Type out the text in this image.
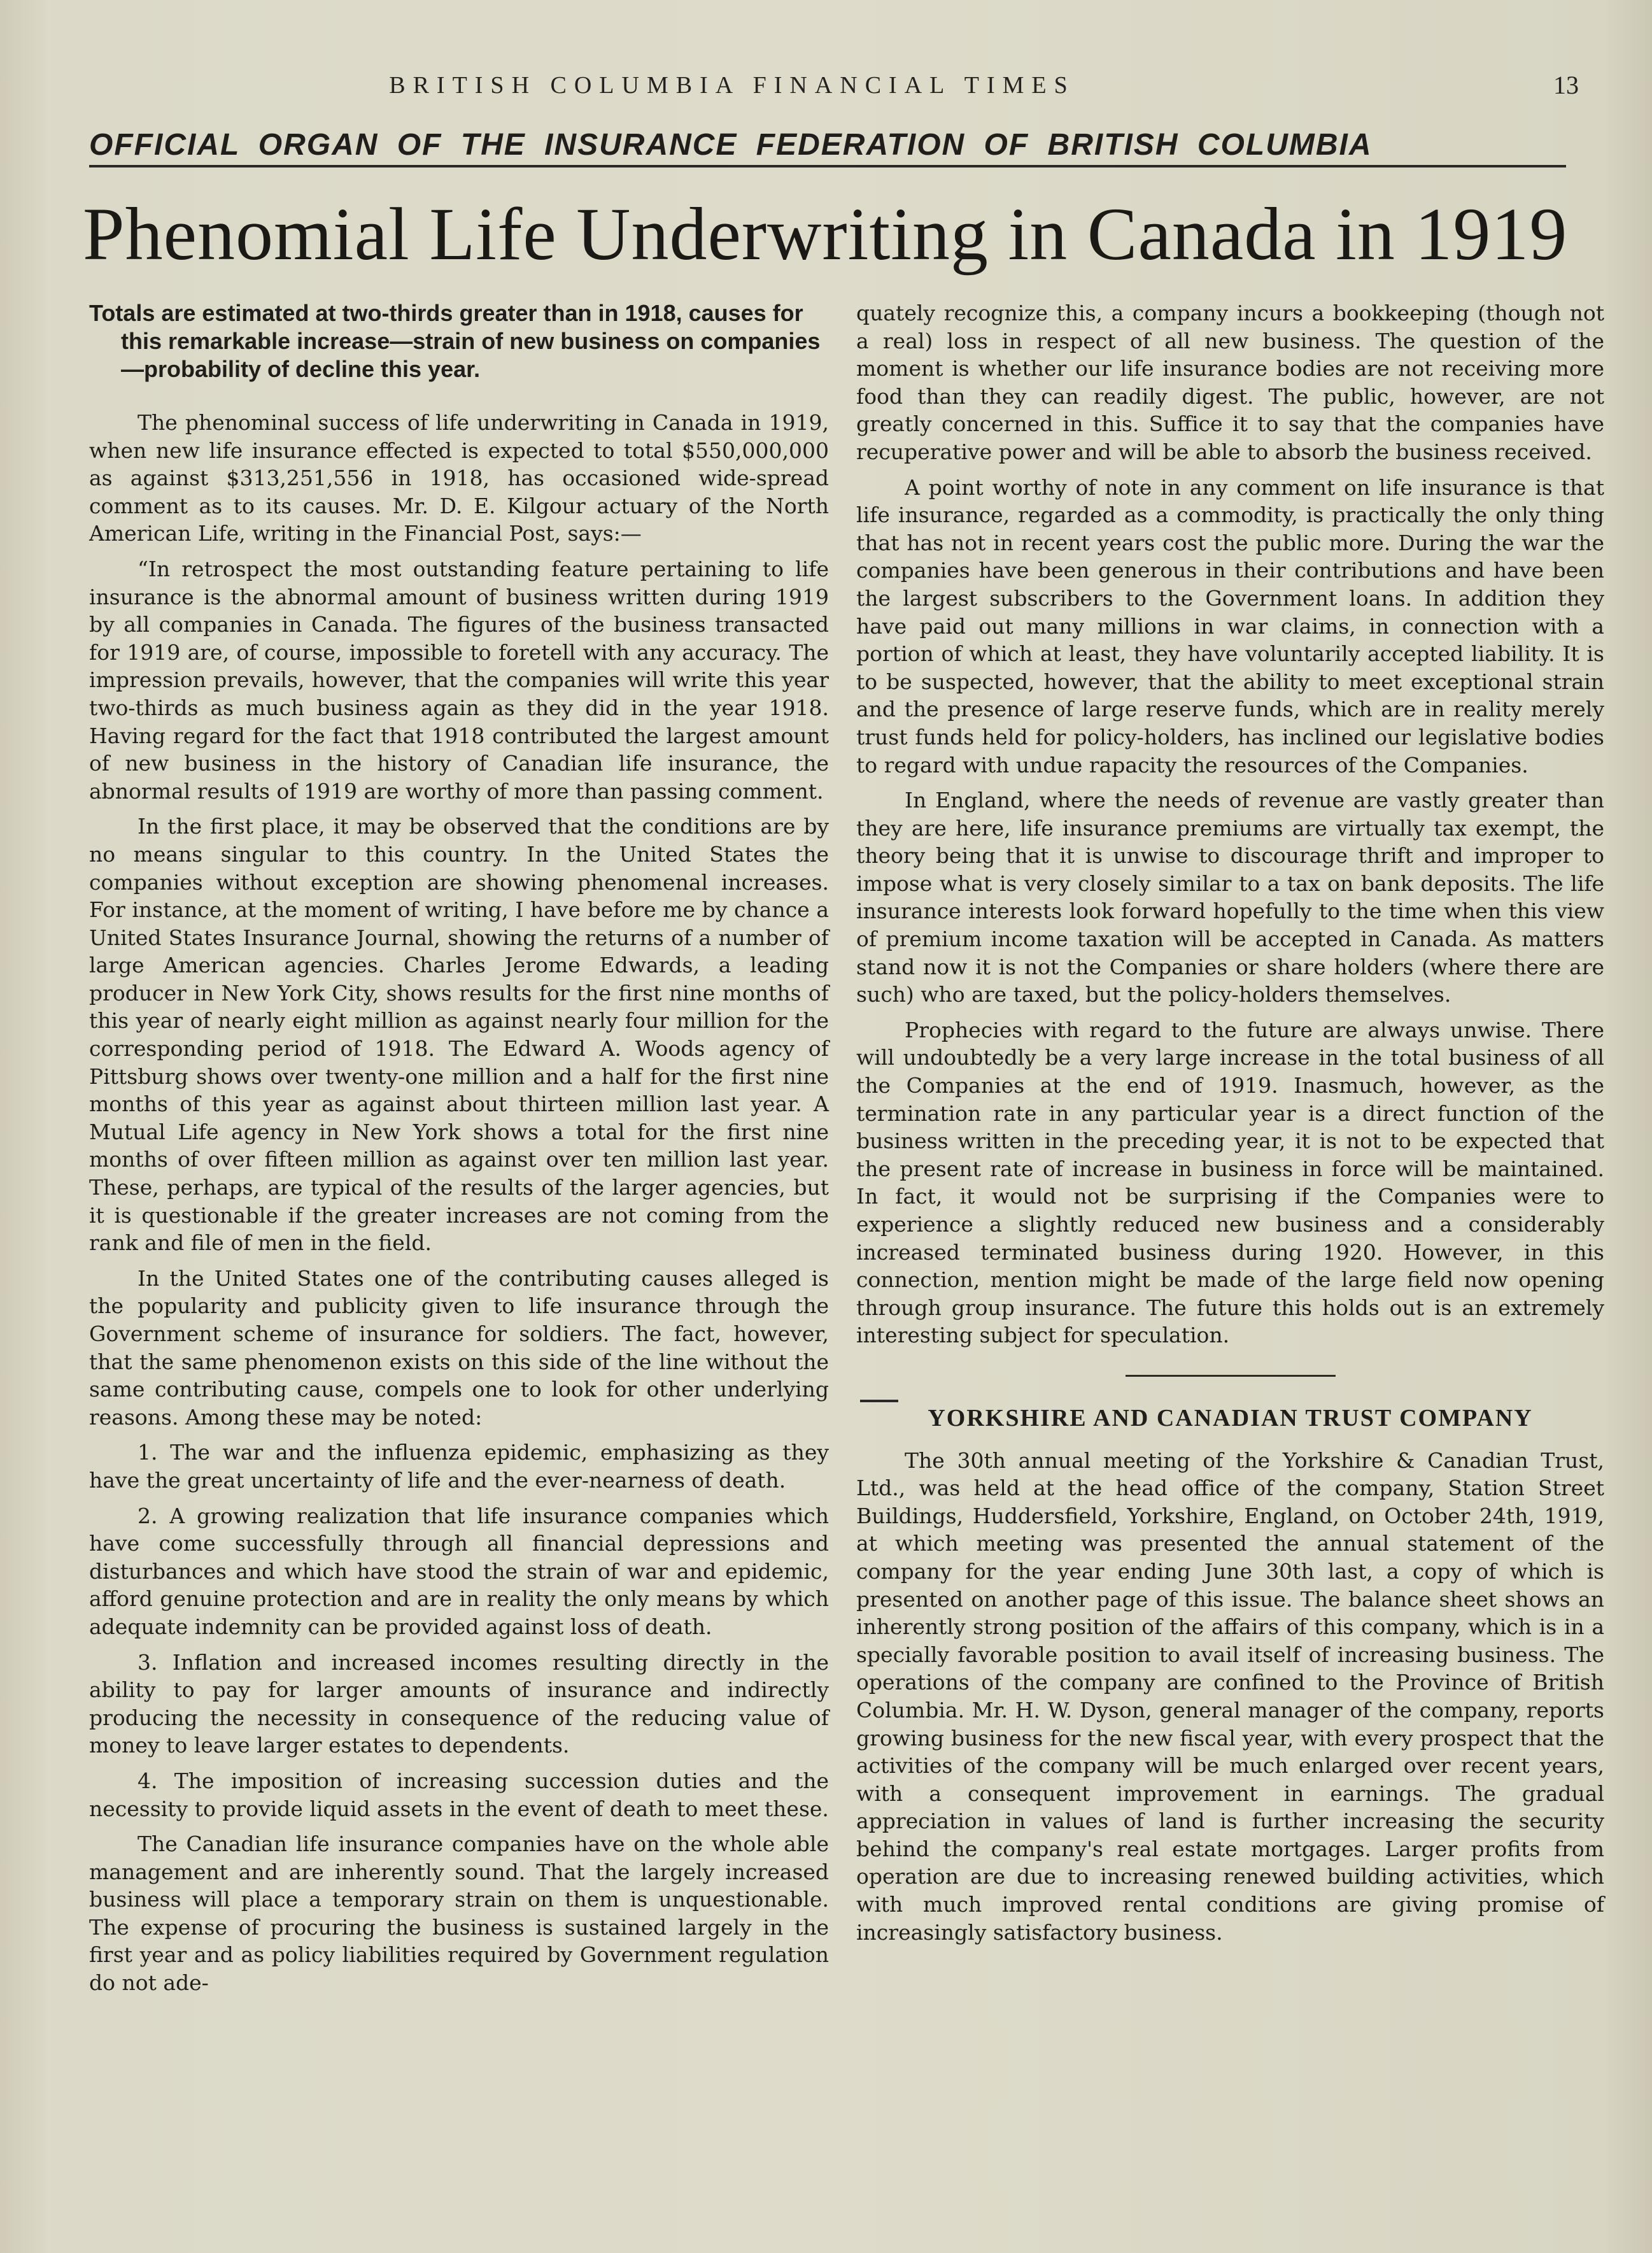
BRITISH COLUMBIA FINANCIAL TIMES	13
OFFICIAL ORGAN OF THE INSURANCE FEDERATION OF BRITISH COLUMBIA
Phenomial Life Underwriting in Canada in 1919
Totals are estimated at two-thirds greater than in 1918, causes for this remarkable increase—strain of new business on companies—probability of decline this year.

The phenominal success of life underwriting in Canada in 1919, when new life insurance effected is expected to total $550,000,000 as against $313,251,556 in 1918, has occasioned wide-spread comment as to its causes. Mr. D. E. Kilgour actuary of the North American Life, writing in the Financial Post, says:—

“In retrospect the most outstanding feature pertaining to life insurance is the abnormal amount of business written during 1919 by all companies in Canada. The figures of the business transacted for 1919 are, of course, impossible to foretell with any accuracy. The impression prevails, however, that the companies will write this year two-thirds as much business again as they did in the year 1918. Having regard for the fact that 1918 contributed the largest amount of new business in the history of Canadian life insurance, the abnormal results of 1919 are worthy of more than passing comment.

In the first place, it may be observed that the conditions are by no means singular to this country. In the United States the companies without exception are showing phenomenal increases. For instance, at the moment of writing, I have before me by chance a United States Insurance Journal, showing the returns of a number of large American agencies. Charles Jerome Edwards, a leading producer in New York City, shows results for the first nine months of this year of nearly eight million as against nearly four million for the corresponding period of 1918. The Edward A. Woods agency of Pittsburg shows over twenty-one million and a half for the first nine months of this year as against about thirteen million last year. A Mutual Life agency in New York shows a total for the first nine months of over fifteen million as against over ten million last year. These, perhaps, are typical of the results of the larger agencies, but it is questionable if the greater increases are not coming from the rank and file of men in the field.

In the United States one of the contributing causes alleged is the popularity and publicity given to life insurance through the Government scheme of insurance for soldiers. The fact, however, that the same phenomenon exists on this side of the line without the same contributing cause, compels one to look for other underlying reasons. Among these may be noted:

1. The war and the influenza epidemic, emphasizing as they have the great uncertainty of life and the ever-nearness of death.

2. A growing realization that life insurance companies which have come successfully through all financial depressions and disturbances and which have stood the strain of war and epidemic, afford genuine protection and are in reality the only means by which adequate indemnity can be provided against loss of death.

3. Inflation and increased incomes resulting directly in the ability to pay for larger amounts of insurance and indirectly producing the necessity in consequence of the reducing value of money to leave larger estates to dependents.

4. The imposition of increasing succession duties and the necessity to provide liquid assets in the event of death to meet these.

The Canadian life insurance companies have on the whole able management and are inherently sound. That the largely increased business will place a temporary strain on them is unquestionable. The expense of procuring the business is sustained largely in the first year and as policy liabilities required by Government regulation do not ade-

quately recognize this, a company incurs a bookkeeping (though not a real) loss in respect of all new business. The question of the moment is whether our life insurance bodies are not receiving more food than they can readily digest. The public, however, are not greatly concerned in this. Suffice it to say that the companies have recuperative power and will be able to absorb the business received.

A point worthy of note in any comment on life insurance is that life insurance, regarded as a commodity, is practically the only thing that has not in recent years cost the public more. During the war the companies have been generous in their contributions and have been the largest subscribers to the Government loans. In addition they have paid out many millions in war claims, in connection with a portion of which at least, they have voluntarily accepted liability. It is to be suspected, however, that the ability to meet exceptional strain and the presence of large reserve funds, which are in reality merely trust funds held for policy-holders, has inclined our legislative bodies to regard with undue rapacity the resources of the Companies.

In England, where the needs of revenue are vastly greater than they are here, life insurance premiums are virtually tax exempt, the theory being that it is unwise to discourage thrift and improper to impose what is very closely similar to a tax on bank deposits. The life insurance interests look forward hopefully to the time when this view of premium income taxation will be accepted in Canada. As matters stand now it is not the Companies or share holders (where there are such) who are taxed, but the policy-holders themselves.

Prophecies with regard to the future are always unwise. There will undoubtedly be a very large increase in the total business of all the Companies at the end of 1919. Inasmuch, however, as the termination rate in any particular year is a direct function of the business written in the preceding year, it is not to be expected that the present rate of increase in business in force will be maintained. In fact, it would not be surprising if the Companies were to experience a slightly reduced new business and a considerably increased terminated business during 1920. However, in this connection, mention might be made of the large field now opening through group insurance. The future this holds out is an extremely interesting subject for speculation.

YORKSHIRE AND CANADIAN TRUST COMPANY

The 30th annual meeting of the Yorkshire & Canadian Trust, Ltd., was held at the head office of the company, Station Street Buildings, Huddersfield, Yorkshire, England, on October 24th, 1919, at which meeting was presented the annual statement of the company for the year ending June 30th last, a copy of which is presented on another page of this issue. The balance sheet shows an inherently strong position of the affairs of this company, which is in a specially favorable position to avail itself of increasing business. The operations of the company are confined to the Province of British Columbia. Mr. H. W. Dyson, general manager of the company, reports growing business for the new fiscal year, with every prospect that the activities of the company will be much enlarged over recent years, with a consequent improvement in earnings. The gradual appreciation in values of land is further increasing the security behind the company's real estate mortgages. Larger profits from operation are due to increasing renewed building activities, which with much improved rental conditions are giving promise of increasingly satisfactory business.
